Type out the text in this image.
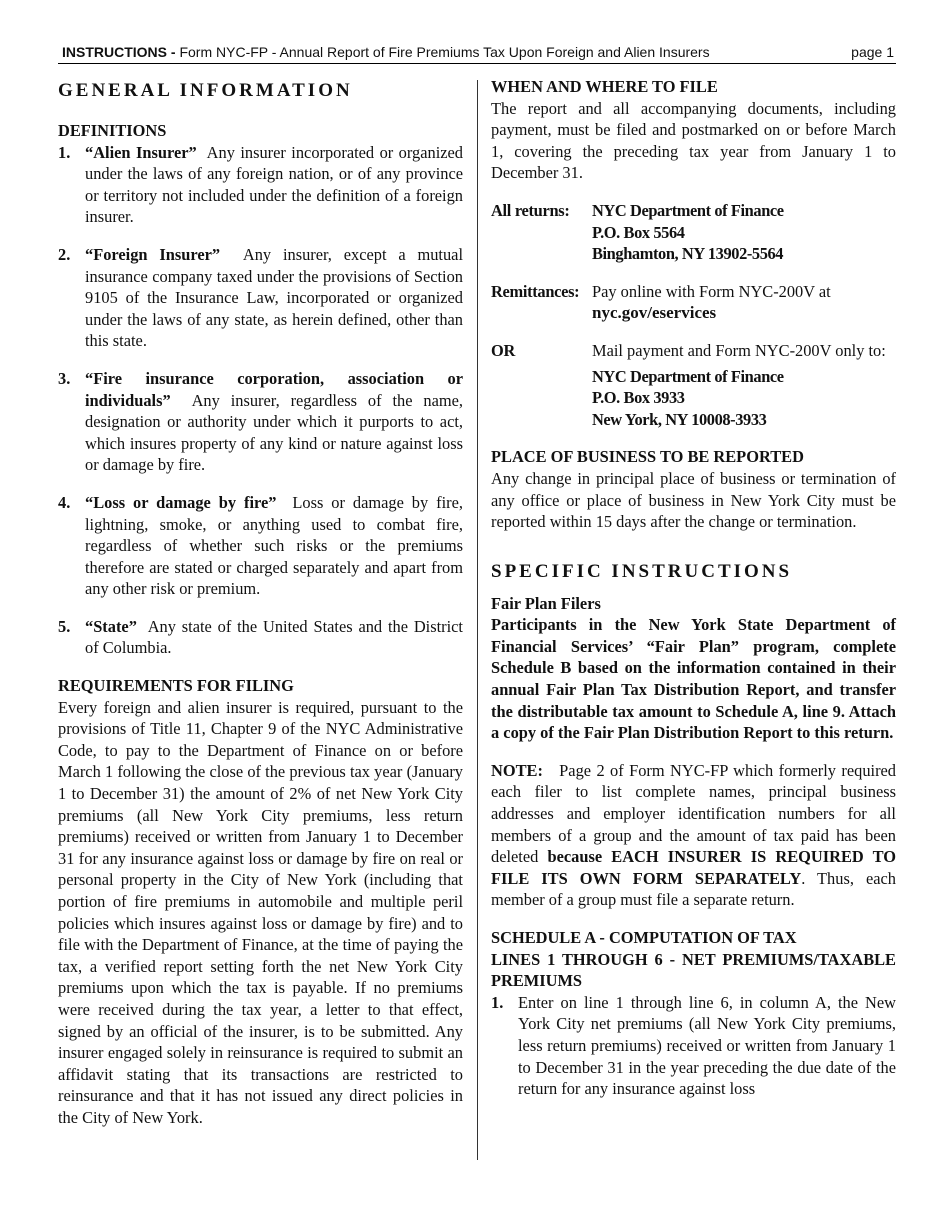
INSTRUCTIONS - Form NYC-FP - Annual Report of Fire Premiums Tax Upon Foreign and Alien Insurers	page 1
GENERAL INFORMATION
DEFINITIONS
1. “Alien Insurer” Any insurer incorporated or organized under the laws of any foreign nation, or of any province or territory not included under the definition of a foreign insurer.
2. “Foreign Insurer” Any insurer, except a mutual insurance company taxed under the provisions of Section 9105 of the Insurance Law, incorporated or organized under the laws of any state, as herein defined, other than this state.
3. “Fire insurance corporation, association or individuals” Any insurer, regardless of the name, designation or authority under which it purports to act, which insures property of any kind or nature against loss or damage by fire.
4. “Loss or damage by fire” Loss or damage by fire, lightning, smoke, or anything used to combat fire, regardless of whether such risks or the premiums therefore are stated or charged separately and apart from any other risk or premium.
5. “State” Any state of the United States and the District of Columbia.
REQUIREMENTS FOR FILING

Every foreign and alien insurer is required, pursuant to the provisions of Title 11, Chapter 9 of the NYC Administrative Code, to pay to the Department of Finance on or before March 1 following the close of the previous tax year (January 1 to December 31) the amount of 2% of net New York City premiums (all New York City premiums, less return premiums) received or written from January 1 to December 31 for any insurance against loss or damage by fire on real or personal property in the City of New York (including that portion of fire premiums in automobile and multiple peril policies which insures against loss or damage by fire) and to file with the Department of Finance, at the time of paying the tax, a verified report setting forth the net New York City premiums upon which the tax is payable. If no premiums were received during the tax year, a letter to that effect, signed by an official of the insurer, is to be submitted. Any insurer engaged solely in reinsurance is required to submit an affidavit stating that its transactions are restricted to reinsurance and that it has not issued any direct policies in the City of New York.

WHEN AND WHERE TO FILE

The report and all accompanying documents, including payment, must be filed and postmarked on or before March 1, covering the preceding tax year from January 1 to December 31.

All returns:	NYC Department of Finance
P.O. Box 5564
Binghamton, NY 13902-5564
Remittances: Pay online with Form NYC-200V at
nyc.gov/eservices
OR	Mail payment and Form NYC-200V only to:
NYC Department of Finance
P.O. Box 3933
New York, NY 10008-3933
PLACE OF BUSINESS TO BE REPORTED

Any change in principal place of business or termination of any office or place of business in New York City must be reported within 15 days after the change or termination.

SPECIFIC INSTRUCTIONS
Fair Plan Filers

Participants in the New York State Department of Financial Services’ “Fair Plan” program, complete Schedule B based on the information contained in their annual Fair Plan Tax Distribution Report, and transfer the distributable tax amount to Schedule A, line 9. Attach a copy of the Fair Plan Distribution Report to this return.

NOTE: Page 2 of Form NYC-FP which formerly required each filer to list complete names, principal business addresses and employer identification numbers for all members of a group and the amount of tax paid has been deleted because EACH INSURER IS REQUIRED TO FILE ITS OWN FORM SEPARATELY. Thus, each member of a group must file a separate return.

SCHEDULE A - COMPUTATION OF TAX
LINES 1 THROUGH 6 - NET PREMIUMS/TAXABLE PREMIUMS
1. Enter on line 1 through line 6, in column A, the New York City net premiums (all New York City premiums, less return premiums) received or written from January 1 to December 31 in the year preceding the due date of the return for any insurance against loss
